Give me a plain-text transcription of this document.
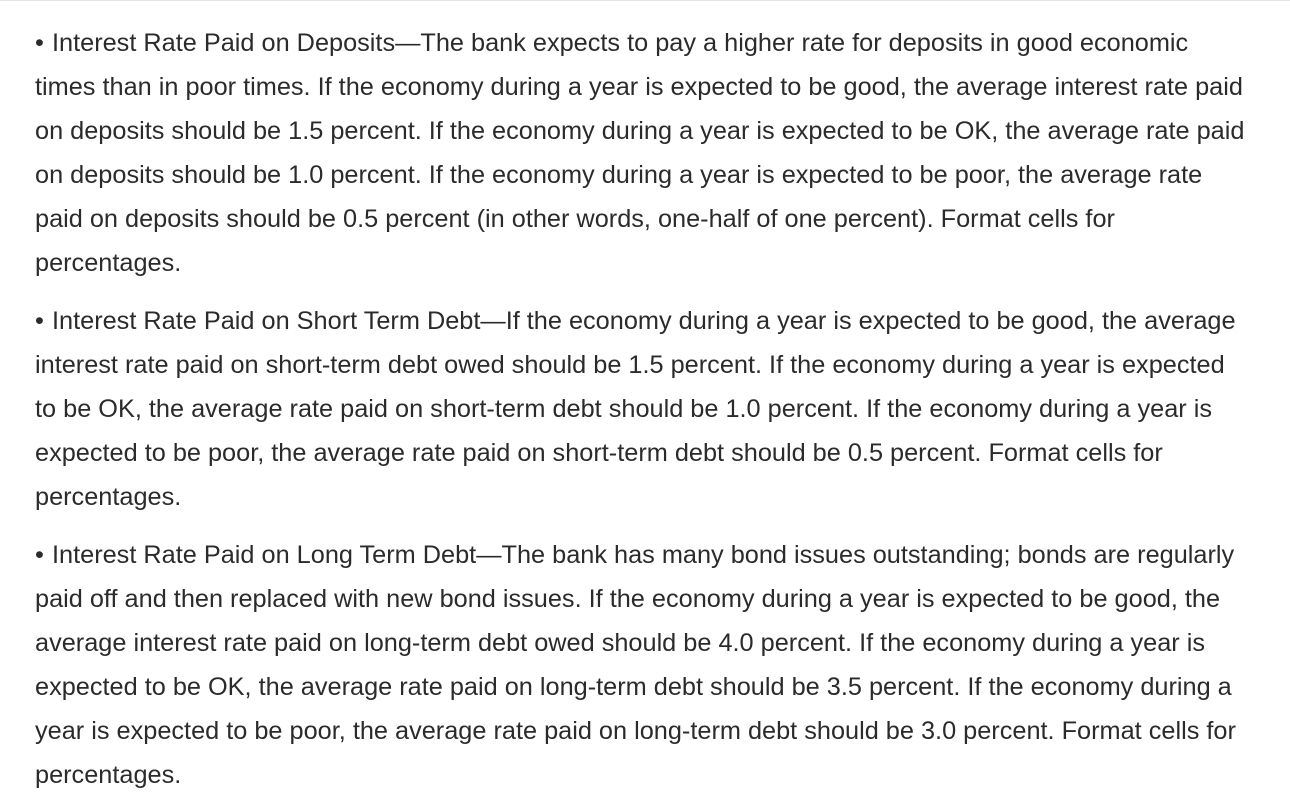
• Interest Rate Paid on Deposits—The bank expects to pay a higher rate for deposits in good economic times than in poor times. If the economy during a year is expected to be good, the average interest rate paid on deposits should be 1.5 percent. If the economy during a year is expected to be OK, the average rate paid on deposits should be 1.0 percent. If the economy during a year is expected to be poor, the average rate paid on deposits should be 0.5 percent (in other words, one-half of one percent). Format cells for percentages.

• Interest Rate Paid on Short Term Debt—If the economy during a year is expected to be good, the average interest rate paid on short-term debt owed should be 1.5 percent. If the economy during a year is expected to be OK, the average rate paid on short-term debt should be 1.0 percent. If the economy during a year is expected to be poor, the average rate paid on short-term debt should be 0.5 percent. Format cells for percentages.

• Interest Rate Paid on Long Term Debt—The bank has many bond issues outstanding; bonds are regularly paid off and then replaced with new bond issues. If the economy during a year is expected to be good, the average interest rate paid on long-term debt owed should be 4.0 percent. If the economy during a year is expected to be OK, the average rate paid on long-term debt should be 3.5 percent. If the economy during a year is expected to be poor, the average rate paid on long-term debt should be 3.0 percent. Format cells for percentages.
